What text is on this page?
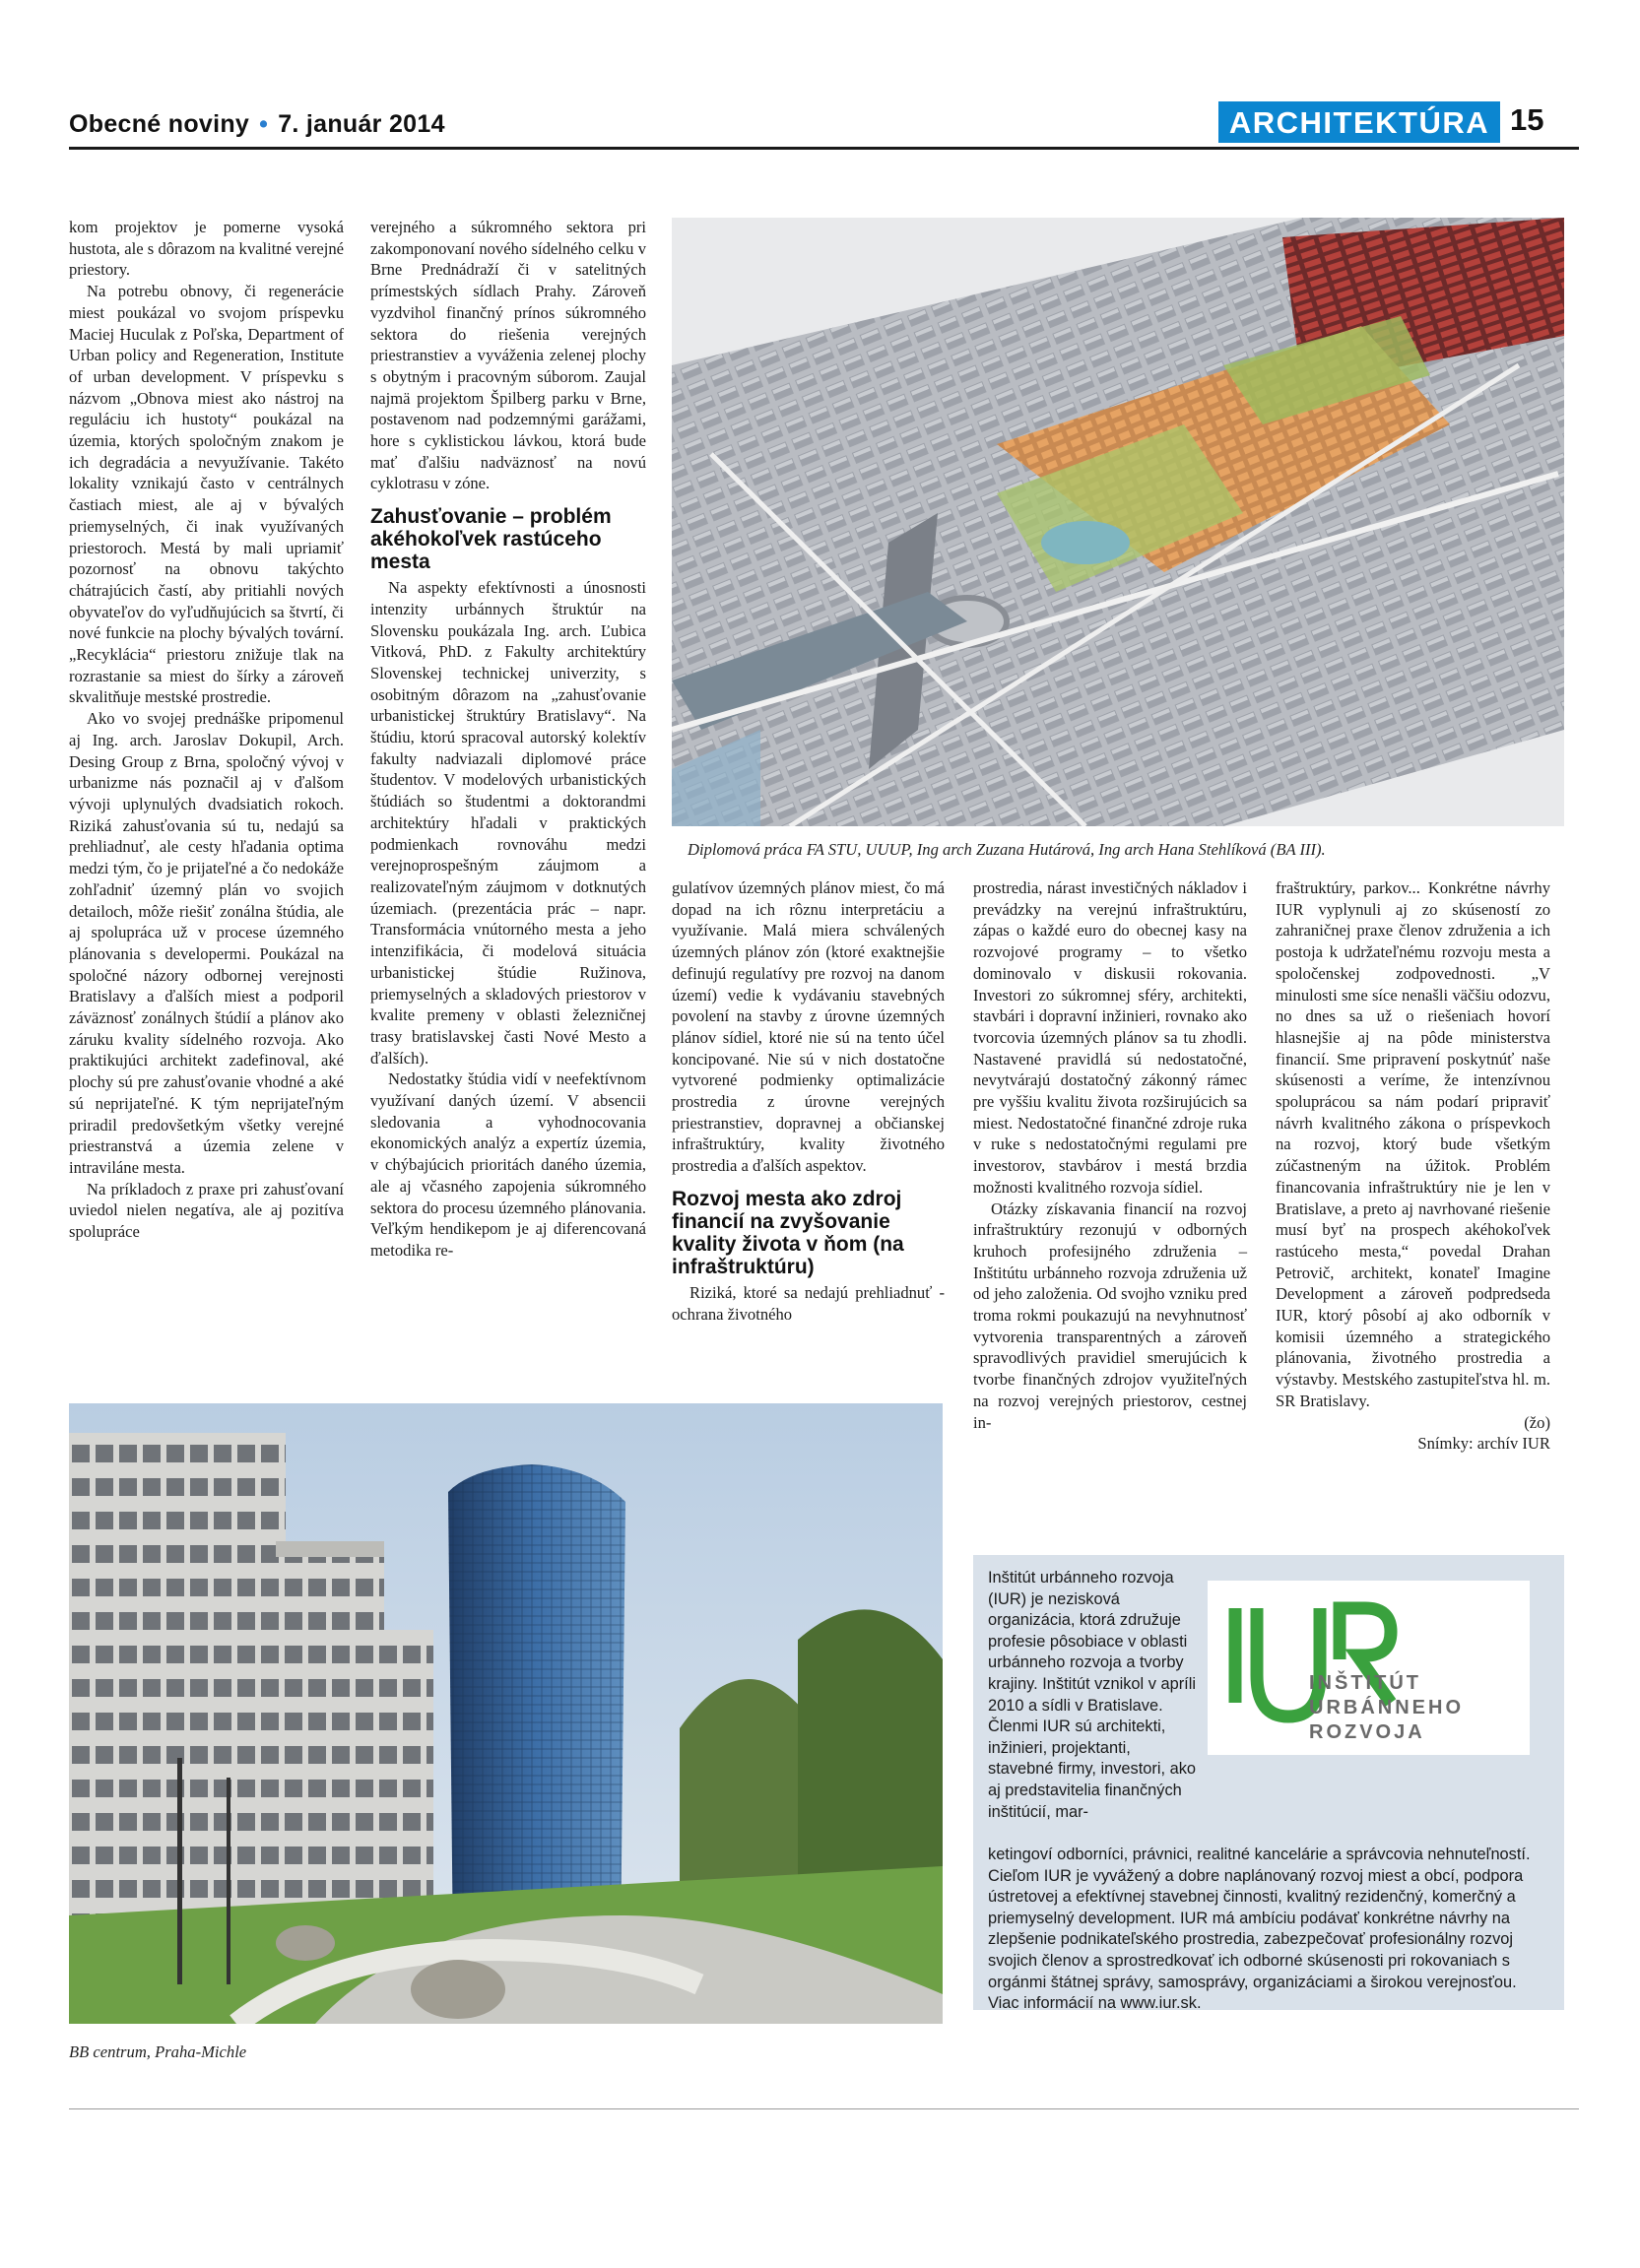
Obecné noviny • 7. január 2014	ARCHITEKTÚRA 15

kom projektov je pomerne vysoká hustota, ale s dôrazom na kvalitné verejné priestory.

Na potrebu obnovy, či regenerácie miest poukázal vo svojom príspevku Maciej Huculak z Poľska, Department of Urban policy and Regeneration, Institute of urban development. V príspevku s názvom „Obnova miest ako nástroj na reguláciu ich hustoty“ poukázal na územia, ktorých spoločným znakom je ich degradácia a nevyužívanie. Takéto lokality vznikajú často v centrálnych častiach miest, ale aj v bývalých priemyselných, či inak využívaných priestoroch. Mestá by mali upriamiť pozornosť na obnovu takýchto chátrajúcich častí, aby pritiahli nových obyvateľov do vyľudňujúcich sa štvrtí, či nové funkcie na plochy bývalých tovární. „Recyklácia“ priestoru znižuje tlak na rozrastanie sa miest do šírky a zároveň skvalitňuje mestské prostredie.

Ako vo svojej prednáške pripomenul aj Ing. arch. Jaroslav Dokupil, Arch. Desing Group z Brna, spoločný vývoj v urbanizme nás poznačil aj v ďalšom vývoji uplynulých dvadsiatich rokoch. Riziká zahusťovania sú tu, nedajú sa prehliadnuť, ale cesty hľadania optima medzi tým, čo je prijateľné a čo nedokáže zohľadniť územný plán vo svojich detailoch, môže riešiť zonálna štúdia, ale aj spolupráca už v procese územného plánovania s developermi. Poukázal na spoločné názory odbornej verejnosti Bratislavy a ďalších miest a podporil záväznosť zonálnych štúdií a plánov ako záruku kvality sídelného rozvoja. Ako praktikujúci architekt zadefinoval, aké plochy sú pre zahusťovanie vhodné a aké sú neprijateľné. K tým neprijateľným priradil predovšetkým všetky verejné priestranstvá a územia zelene v intraviláne mesta.

Na príkladoch z praxe pri zahusťovaní uviedol nielen negatíva, ale aj pozitíva spolupráce

verejného a súkromného sektora pri zakomponovaní nového sídelného celku v Brne Prednádraží či v satelitných prímestských sídlach Prahy. Zároveň vyzdvihol finančný prínos súkromného sektora do riešenia verejných priestranstiev a vyváženia zelenej plochy s obytným i pracovným súborom. Zaujal najmä projektom Špilberg parku v Brne, postavenom nad podzemnými garážami, hore s cyklistickou lávkou, ktorá bude mať ďalšiu nadväznosť na novú cyklotrasu v zóne.

Zahusťovanie – problém akéhokoľvek rastúceho mesta

Na aspekty efektívnosti a únosnosti intenzity urbánnych štruktúr na Slovensku poukázala Ing. arch. Ľubica Vitková, PhD. z Fakulty architektúry Slovenskej technickej univerzity, s osobitným dôrazom na „zahusťovanie urbanistickej štruktúry Bratislavy“. Na štúdiu, ktorú spracoval autorský kolektív fakulty nadviazali diplomové práce študentov. V modelových urbanistických štúdiách so študentmi a doktorandmi architektúry hľadali v praktických podmienkach rovnováhu medzi verejnoprospešným záujmom a realizovateľným záujmom v dotknutých územiach. (prezentácia prác – napr. Transformácia vnútorného mesta a jeho intenzifikácia, či modelová situácia urbanistickej štúdie Ružinova, priemyselných a skladových priestorov v kvalite premeny v oblasti železničnej trasy bratislavskej časti Nové Mesto a ďalších).

Nedostatky štúdia vidí v neefektívnom využívaní daných území. V absencii sledovania a vyhodnocovania ekonomických analýz a expertíz územia, v chýbajúcich prioritách daného územia, ale aj včasného zapojenia súkromného sektora do procesu územného plánovania. Veľkým hendikepom je aj diferencovaná metodika re-

Diplomová práca FA STU, UUUP, Ing arch Zuzana Hutárová, Ing arch Hana Stehlíková (BA III).

gulatívov územných plánov miest, čo má dopad na ich rôznu interpretáciu a využívanie. Malá miera schválených územných plánov zón (ktoré exaktnejšie definujú regulatívy pre rozvoj na danom území) vedie k vydávaniu stavebných povolení na stavby z úrovne územných plánov sídiel, ktoré nie sú na tento účel koncipované. Nie sú v nich dostatočne vytvorené podmienky optimalizácie prostredia z úrovne verejných priestranstiev, dopravnej a občianskej infraštruktúry, kvality životného prostredia a ďalších aspektov.

Rozvoj mesta ako zdroj financií na zvyšovanie kvality života v ňom (na infraštruktúru)

Riziká, ktoré sa nedajú prehliadnuť - ochrana životného

prostredia, nárast investičných nákladov i prevádzky na verejnú infraštruktúru, zápas o každé euro do obecnej kasy na rozvojové programy – to všetko dominovalo v diskusii rokovania. Investori zo súkromnej sféry, architekti, stavbári i dopravní inžinieri, rovnako ako tvorcovia územných plánov sa tu zhodli. Nastavené pravidlá sú nedostatočné, nevytvárajú dostatočný zákonný rámec pre vyššiu kvalitu života rozširujúcich sa miest. Nedostatočné finančné zdroje ruka v ruke s nedostatočnými regulami pre investorov, stavbárov i mestá brzdia možnosti kvalitného rozvoja sídiel.

Otázky získavania financií na rozvoj infraštruktúry rezonujú v odborných kruhoch profesijného združenia – Inštitútu urbánneho rozvoja združenia už od jeho založenia. Od svojho vzniku pred troma rokmi poukazujú na nevyhnutnosť vytvorenia transparentných a zároveň spravodlivých pravidiel smerujúcich k tvorbe finančných zdrojov využiteľných na rozvoj verejných priestorov, cestnej in-

fraštruktúry, parkov... Konkrétne návrhy IUR vyplynuli aj zo skúseností zo zahraničnej praxe členov združenia a ich postoja k udržateľnému rozvoju mesta a spoločenskej zodpovednosti. „V minulosti sme síce nenašli väčšiu odozvu, no dnes sa už o riešeniach hovorí hlasnejšie aj na pôde ministerstva financií. Sme pripravení poskytnúť naše skúsenosti a veríme, že intenzívnou spoluprácou sa nám podarí pripraviť návrh kvalitného zákona o príspevkoch na rozvoj, ktorý bude všetkým zúčastneným na úžitok. Problém financovania infraštruktúry nie je len v Bratislave, a preto aj navrhované riešenie musí byť na prospech akéhokoľvek rastúceho mesta,“ povedal Drahan Petrovič, architekt, konateľ Imagine Development a zároveň podpredseda IUR, ktorý pôsobí aj ako odborník v komisii územného a strategického plánovania, životného prostredia a výstavby. Mestského zastupiteľstva hl. m. SR Bratislavy.

(žo)

Snímky: archív IUR

BB centrum, Praha-Michle
INŠTITÚT
URBÁNNEHO
ROZVOJA
Inštitút urbánneho rozvoja (IUR) je nezisková organizácia, ktorá združuje profesie pôsobiace v oblasti urbánneho rozvoja a tvorby krajiny. Inštitút vznikol v apríli 2010 a sídli v Bratislave. Členmi IUR sú architekti, inžinieri, projektanti, stavebné firmy, investori, ako aj predstavitelia finančných inštitúcií, mar-
ketingoví odborníci, právnici, realitné kancelárie a správcovia nehnuteľností. Cieľom IUR je vyvážený a dobre naplánovaný rozvoj miest a obcí, podpora ústretovej a efektívnej stavebnej činnosti, kvalitný rezidenčný, komerčný a priemyselný development. IUR má ambíciu podávať konkrétne návrhy na zlepšenie podnikateľského prostredia, zabezpečovať profesionálny rozvoj svojich členov a sprostredkovať ich odborné skúsenosti pri rokovaniach s orgánmi štátnej správy, samosprávy, organizáciami a širokou verejnosťou. Viac informácií na www.iur.sk.
